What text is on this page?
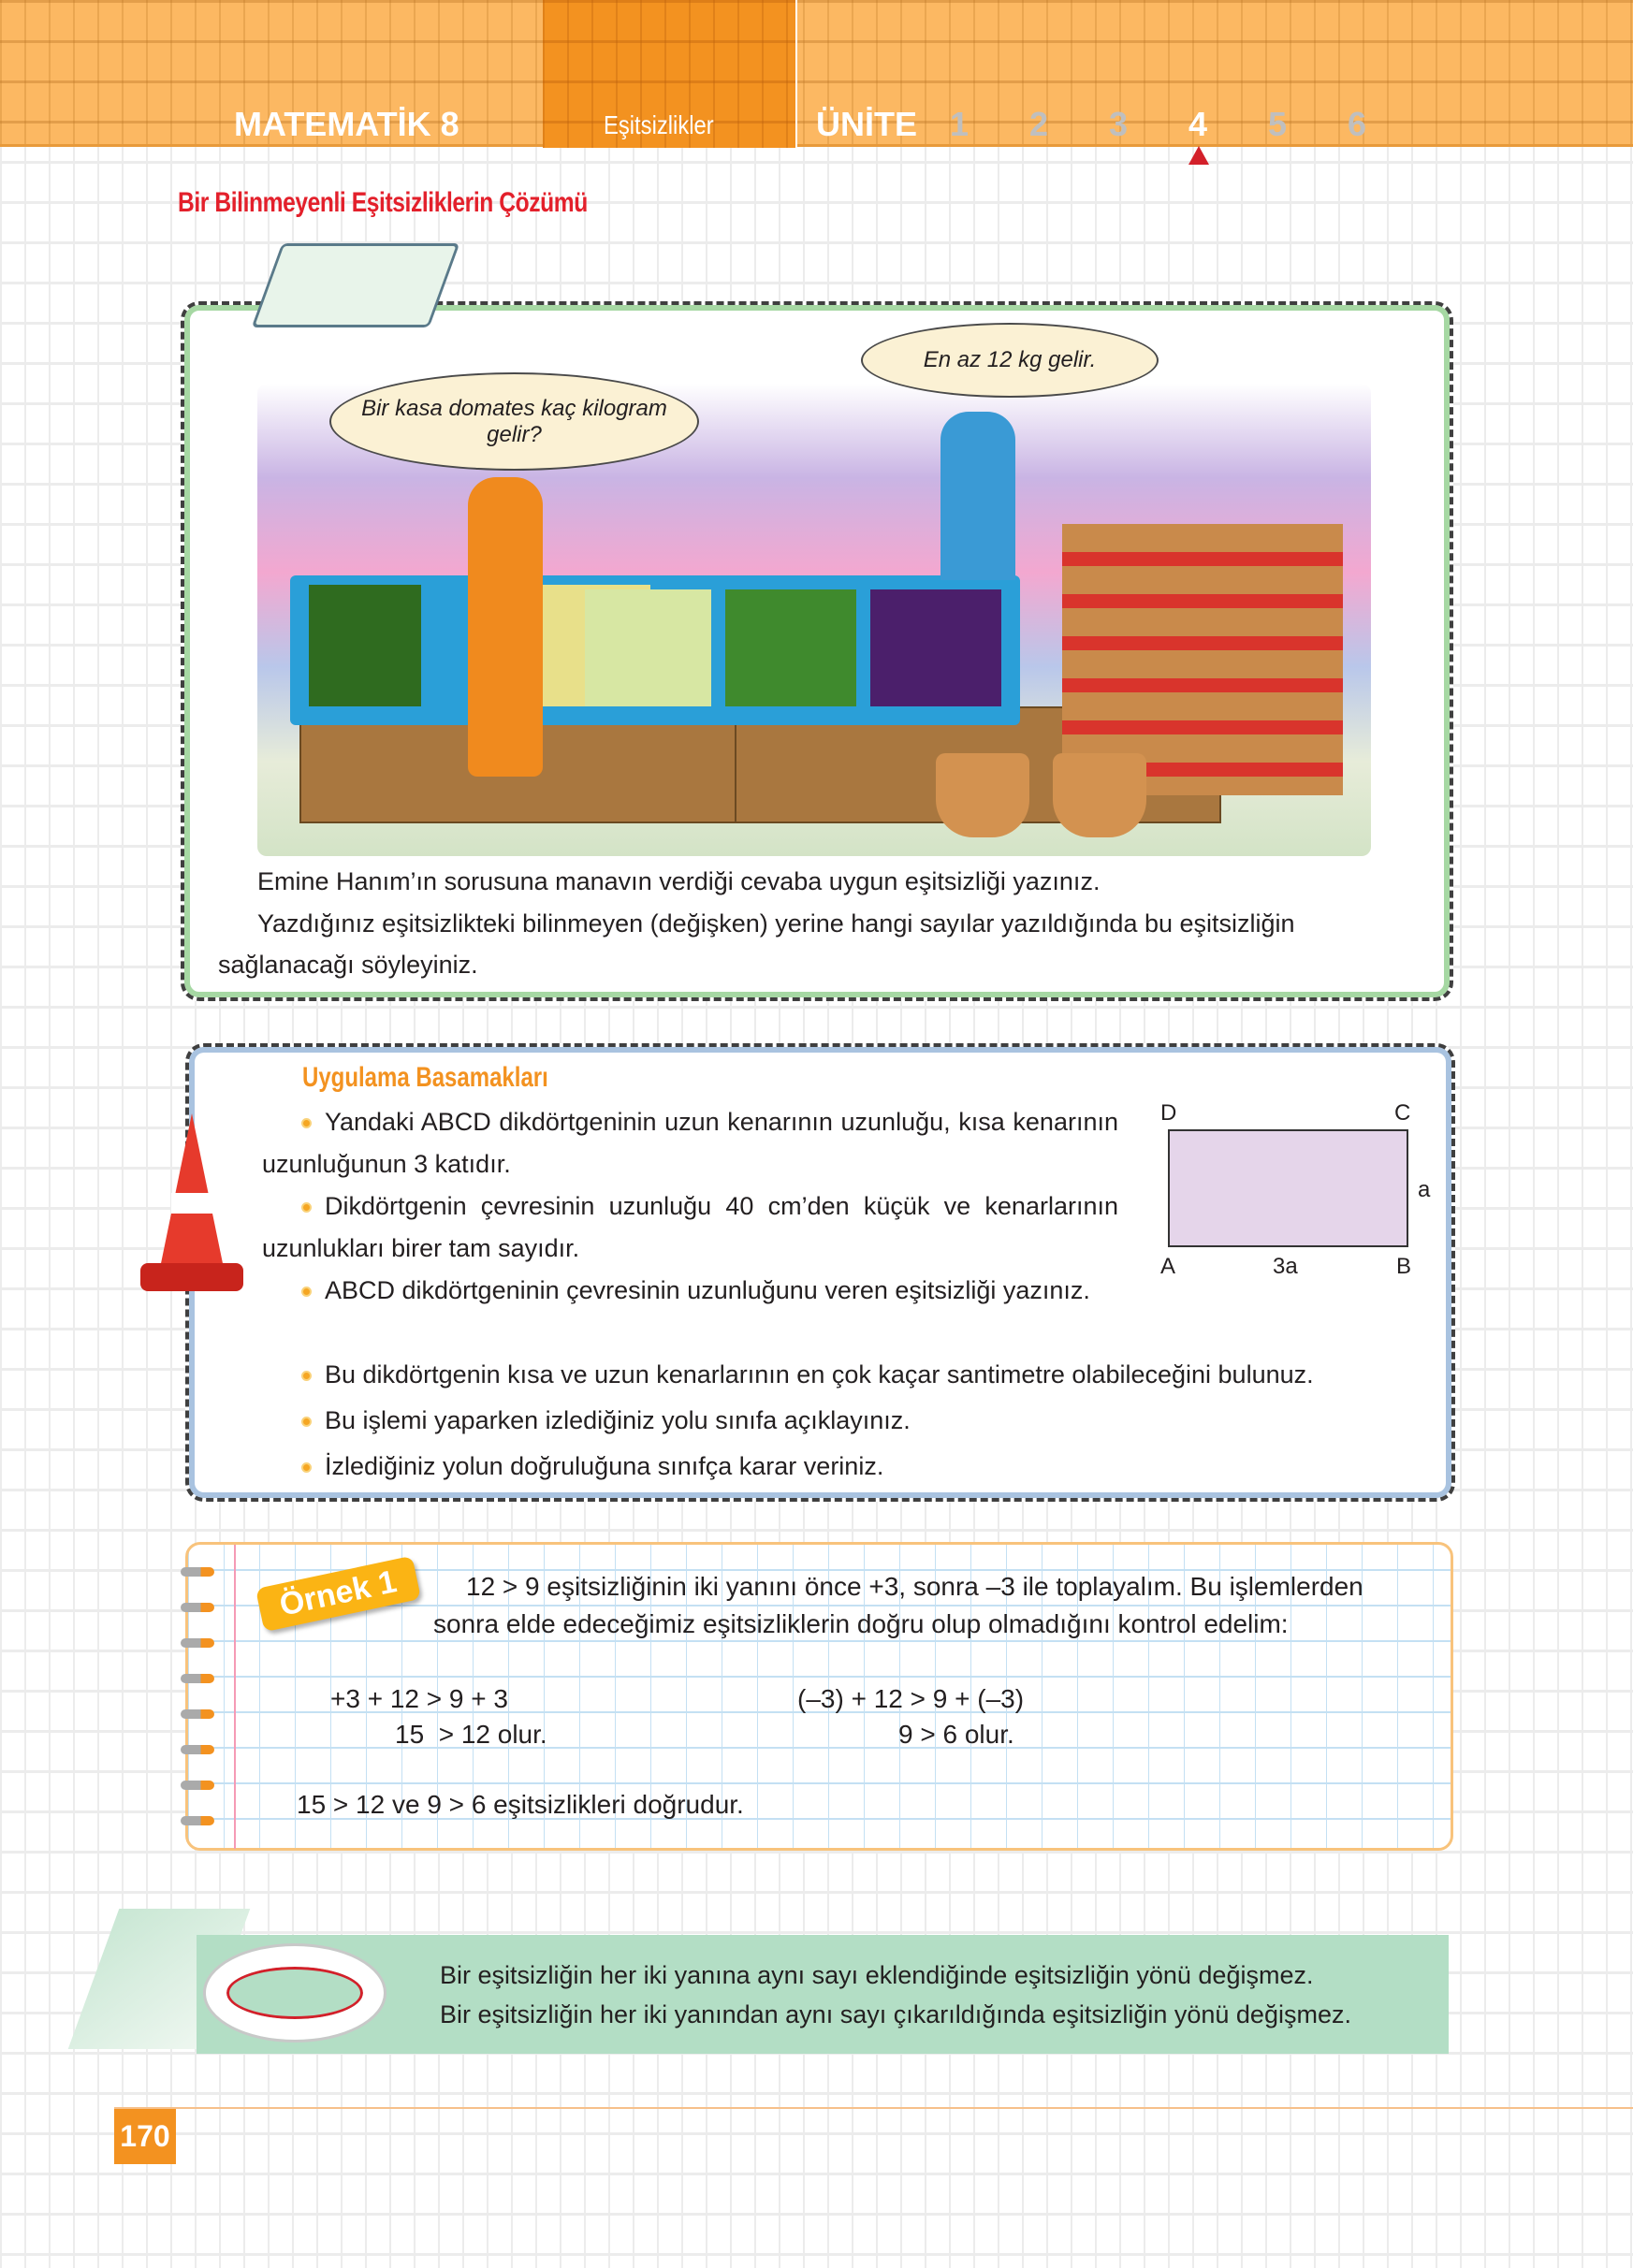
MATEMATİK 8	Eşitsizlikler	ÜNİTE 1 2 3 4 5 6
Bir Bilinmeyenli Eşitsizliklerin Çözümü
Bir kasa domates kaç kilogram gelir?
En az 12 kg gelir.
Emine Hanım’ın sorusuna manavın verdiği cevaba uygun eşitsizliği yazınız.
Yazdığınız eşitsizlikteki bilinmeyen (değişken) yerine hangi sayılar yazıldığında bu eşitsizliğin sağlanacağı söyleyiniz.
Uygulama Basamakları
Yandaki ABCD dikdörtgeninin uzun kenarının uzunluğu, kısa kenarının uzunluğunun 3 katıdır.
Dikdörtgenin çevresinin uzunluğu 40 cm’den küçük ve kenarlarının uzunlukları birer tam sayıdır.
ABCD dikdörtgeninin çevresinin uzunluğunu veren eşitsizliği yazınız.
Bu dikdörtgenin kısa ve uzun kenarlarının en çok kaçar santimetre olabileceğini bulunuz.
Bu işlemi yaparken izlediğiniz yolu sınıfa açıklayınız.
İzlediğiniz yolun doğruluğuna sınıfça karar veriniz.
D	C
A	B
a
3a
Örnek 1	12 > 9 eşitsizliğinin iki yanını önce +3, sonra –3 ile toplayalım. Bu işlemlerden
sonra elde edeceğimiz eşitsizliklerin doğru olup olmadığını kontrol edelim:
+3 + 12 > 9 + 3
15  > 12 olur.
(–3) + 12 > 9 + (–3)
9 > 6 olur.
15 > 12 ve 9 > 6 eşitsizlikleri doğrudur.
Bir eşitsizliğin her iki yanına aynı sayı eklendiğinde eşitsizliğin yönü değişmez.
Bir eşitsizliğin her iki yanından aynı sayı çıkarıldığında eşitsizliğin yönü değişmez.
170
